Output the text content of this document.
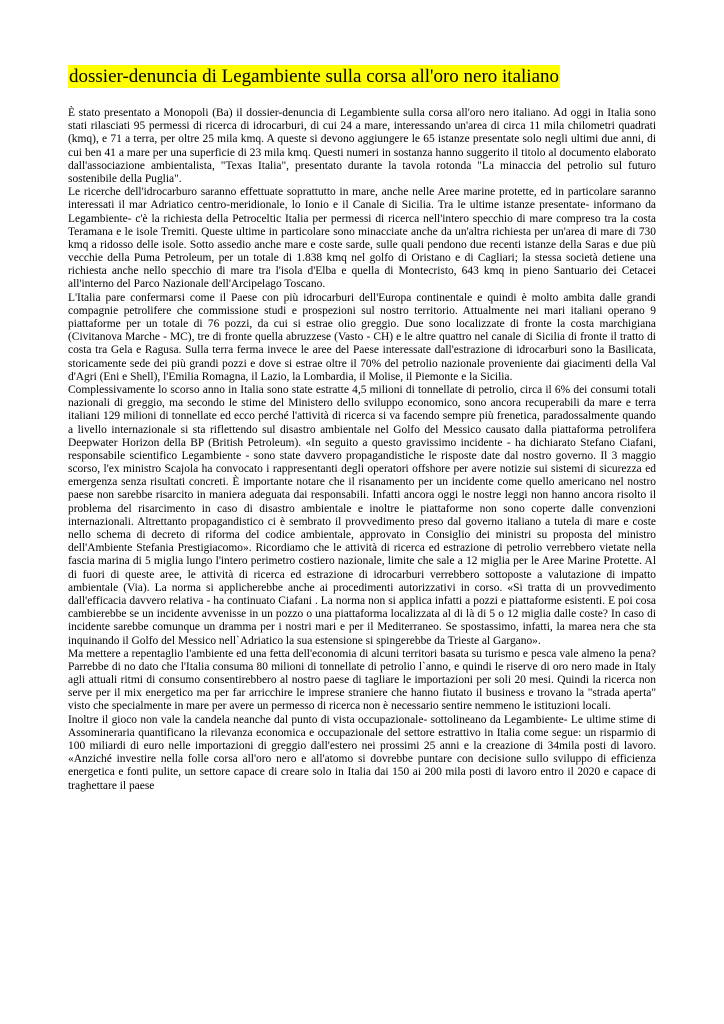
dossier-denuncia di Legambiente sulla corsa all'oro nero italiano

È stato presentato a Monopoli (Ba) il dossier-denuncia di Legambiente sulla corsa all'oro nero italiano. Ad oggi in Italia sono stati rilasciati 95 permessi di ricerca di idrocarburi, di cui 24 a mare, interessando un'area di circa 11 mila chilometri quadrati (kmq), e 71 a terra, per oltre 25 mila kmq. A queste si devono aggiungere le 65 istanze presentate solo negli ultimi due anni, di cui ben 41 a mare per una superficie di 23 mila kmq. Questi numeri in sostanza hanno suggerito il titolo al documento elaborato dall'associazione ambientalista, "Texas Italia", presentato durante la tavola rotonda "La minaccia del petrolio sul futuro sostenibile della Puglia".

Le ricerche dell'idrocarburo saranno effettuate soprattutto in mare, anche nelle Aree marine protette, ed in particolare saranno interessati il mar Adriatico centro-meridionale, lo Ionio e il Canale di Sicilia. Tra le ultime istanze presentate- informano da Legambiente- c'è la richiesta della Petroceltic Italia per permessi di ricerca nell'intero specchio di mare compreso tra la costa Teramana e le isole Tremiti. Queste ultime in particolare sono minacciate anche da un'altra richiesta per un'area di mare di 730 kmq a ridosso delle isole. Sotto assedio anche mare e coste sarde, sulle quali pendono due recenti istanze della Saras e due più vecchie della Puma Petroleum, per un totale di 1.838 kmq nel golfo di Oristano e di Cagliari; la stessa società detiene una richiesta anche nello specchio di mare tra l'isola d'Elba e quella di Montecristo, 643 kmq in pieno Santuario dei Cetacei all'interno del Parco Nazionale dell'Arcipelago Toscano.

L'Italia pare confermarsi come il Paese con più idrocarburi dell'Europa continentale e quindi è molto ambita dalle grandi compagnie petrolifere che commissione studi e prospezioni sul nostro territorio. Attualmente nei mari italiani operano 9 piattaforme per un totale di 76 pozzi, da cui si estrae olio greggio. Due sono localizzate di fronte la costa marchigiana (Civitanova Marche - MC), tre di fronte quella abruzzese (Vasto - CH) e le altre quattro nel canale di Sicilia di fronte il tratto di costa tra Gela e Ragusa. Sulla terra ferma invece le aree del Paese interessate dall'estrazione di idrocarburi sono la Basilicata, storicamente sede dei più grandi pozzi e dove si estrae oltre il 70% del petrolio nazionale proveniente dai giacimenti della Val d'Agri (Eni e Shell), l'Emilia Romagna, il Lazio, la Lombardia, il Molise, il Piemonte e la Sicilia.

Complessivamente lo scorso anno in Italia sono state estratte 4,5 milioni di tonnellate di petrolio, circa il 6% dei consumi totali nazionali di greggio, ma secondo le stime del Ministero dello sviluppo economico, sono ancora recuperabili da mare e terra italiani 129 milioni di tonnellate ed ecco perché l'attività di ricerca si va facendo sempre più frenetica, paradossalmente quando a livello internazionale si sta riflettendo sul disastro ambientale nel Golfo del Messico causato dalla piattaforma petrolifera Deepwater Horizon della BP (British Petroleum). «In seguito a questo gravissimo incidente - ha dichiarato Stefano Ciafani, responsabile scientifico Legambiente - sono state davvero propagandistiche le risposte date dal nostro governo. Il 3 maggio scorso, l'ex ministro Scajola ha convocato i rappresentanti degli operatori offshore per avere notizie sui sistemi di sicurezza ed emergenza senza risultati concreti. È importante notare che il risanamento per un incidente come quello americano nel nostro paese non sarebbe risarcito in maniera adeguata dai responsabili. Infatti ancora oggi le nostre leggi non hanno ancora risolto il problema del risarcimento in caso di disastro ambientale e inoltre le piattaforme non sono coperte dalle convenzioni internazionali. Altrettanto propagandistico ci è sembrato il provvedimento preso dal governo italiano a tutela di mare e coste nello schema di decreto di riforma del codice ambientale, approvato in Consiglio dei ministri su proposta del ministro dell'Ambiente Stefania Prestigiacomo». Ricordiamo che le attività di ricerca ed estrazione di petrolio verrebbero vietate nella fascia marina di 5 miglia lungo l'intero perimetro costiero nazionale, limite che sale a 12 miglia per le Aree Marine Protette. Al di fuori di queste aree, le attività di ricerca ed estrazione di idrocarburi verrebbero sottoposte a valutazione di impatto ambientale (Via). La norma si applicherebbe anche ai procedimenti autorizzativi in corso. «Si tratta di un provvedimento dall'efficacia davvero relativa - ha continuato Ciafani . La norma non si applica infatti a pozzi e piattaforme esistenti. E poi cosa cambierebbe se un incidente avvenisse in un pozzo o una piattaforma localizzata al di là di 5 o 12 miglia dalle coste? In caso di incidente sarebbe comunque un dramma per i nostri mari e per il Mediterraneo. Se spostassimo, infatti, la marea nera che sta inquinando il Golfo del Messico nell`Adriatico la sua estensione si spingerebbe da Trieste al Gargano».

Ma mettere a repentaglio l'ambiente ed una fetta dell'economia di alcuni territori basata su turismo e pesca vale almeno la pena? Parrebbe di no dato che l'Italia consuma 80 milioni di tonnellate di petrolio l`anno, e quindi le riserve di oro nero made in Italy agli attuali ritmi di consumo consentirebbero al nostro paese di tagliare le importazioni per soli 20 mesi. Quindi la ricerca non serve per il mix energetico ma per far arricchire le imprese straniere che hanno fiutato il business e trovano la "strada aperta" visto che specialmente in mare per avere un permesso di ricerca non è necessario sentire nemmeno le istituzioni locali.

Inoltre il gioco non vale la candela neanche dal punto di vista occupazionale- sottolineano da Legambiente- Le ultime stime di Assomineraria quantificano la rilevanza economica e occupazionale del settore estrattivo in Italia come segue: un risparmio di 100 miliardi di euro nelle importazioni di greggio dall'estero nei prossimi 25 anni e la creazione di 34mila posti di lavoro. «Anziché investire nella folle corsa all'oro nero e all'atomo si dovrebbe puntare con decisione sullo sviluppo di efficienza energetica e fonti pulite, un settore capace di creare solo in Italia dai 150 ai 200 mila posti di lavoro entro il 2020 e capace di traghettare il paese
